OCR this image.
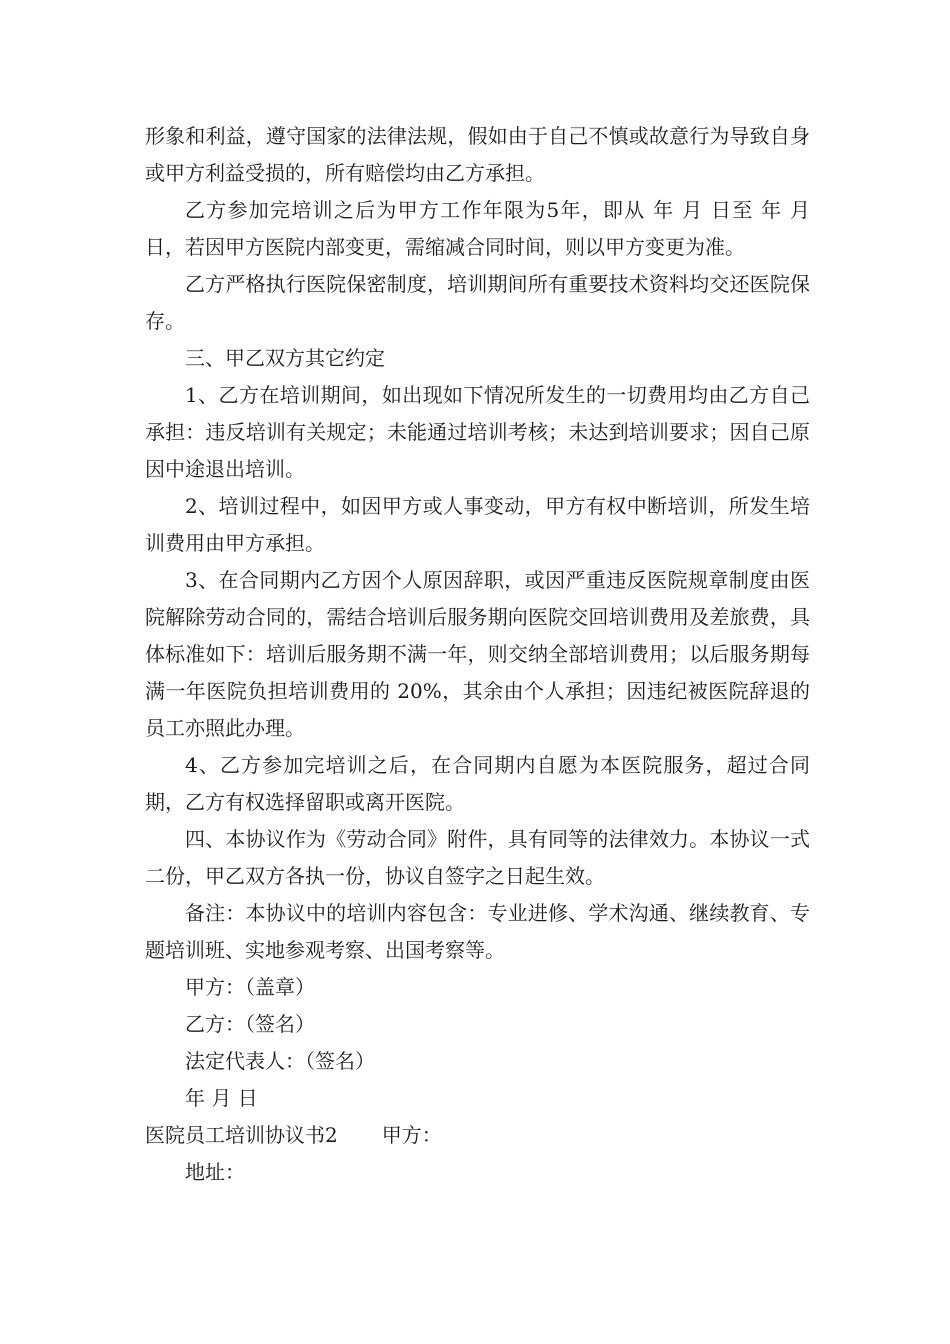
形象和利益，遵守国家的法律法规，假如由于自己不慎或故意行为导致自身或甲方利益受损的，所有赔偿均由乙方承担。

乙方参加完培训之后为甲方工作年限为5年，即从 年 月 日至 年 月 日，若因甲方医院内部变更，需缩减合同时间，则以甲方变更为准。

乙方严格执行医院保密制度，培训期间所有重要技术资料均交还医院保存。

三、甲乙双方其它约定

1、乙方在培训期间，如出现如下情况所发生的一切费用均由乙方自己承担：违反培训有关规定；未能通过培训考核；未达到培训要求；因自己原因中途退出培训。

2、培训过程中，如因甲方或人事变动，甲方有权中断培训，所发生培训费用由甲方承担。

3、在合同期内乙方因个人原因辞职，或因严重违反医院规章制度由医院解除劳动合同的，需结合培训后服务期向医院交回培训费用及差旅费，具体标准如下：培训后服务期不满一年，则交纳全部培训费用；以后服务期每满一年医院负担培训费用的 20%，其余由个人承担；因违纪被医院辞退的员工亦照此办理。

4、乙方参加完培训之后，在合同期内自愿为本医院服务，超过合同期，乙方有权选择留职或离开医院。

四、本协议作为《劳动合同》附件，具有同等的法律效力。本协议一式二份，甲乙双方各执一份，协议自签字之日起生效。

备注：本协议中的培训内容包含：专业进修、学术沟通、继续教育、专题培训班、实地参观考察、出国考察等。

甲方：（盖章）

乙方：（签名）

法定代表人：（签名）

年 月 日

医院员工培训协议书2 甲方：

地址：
